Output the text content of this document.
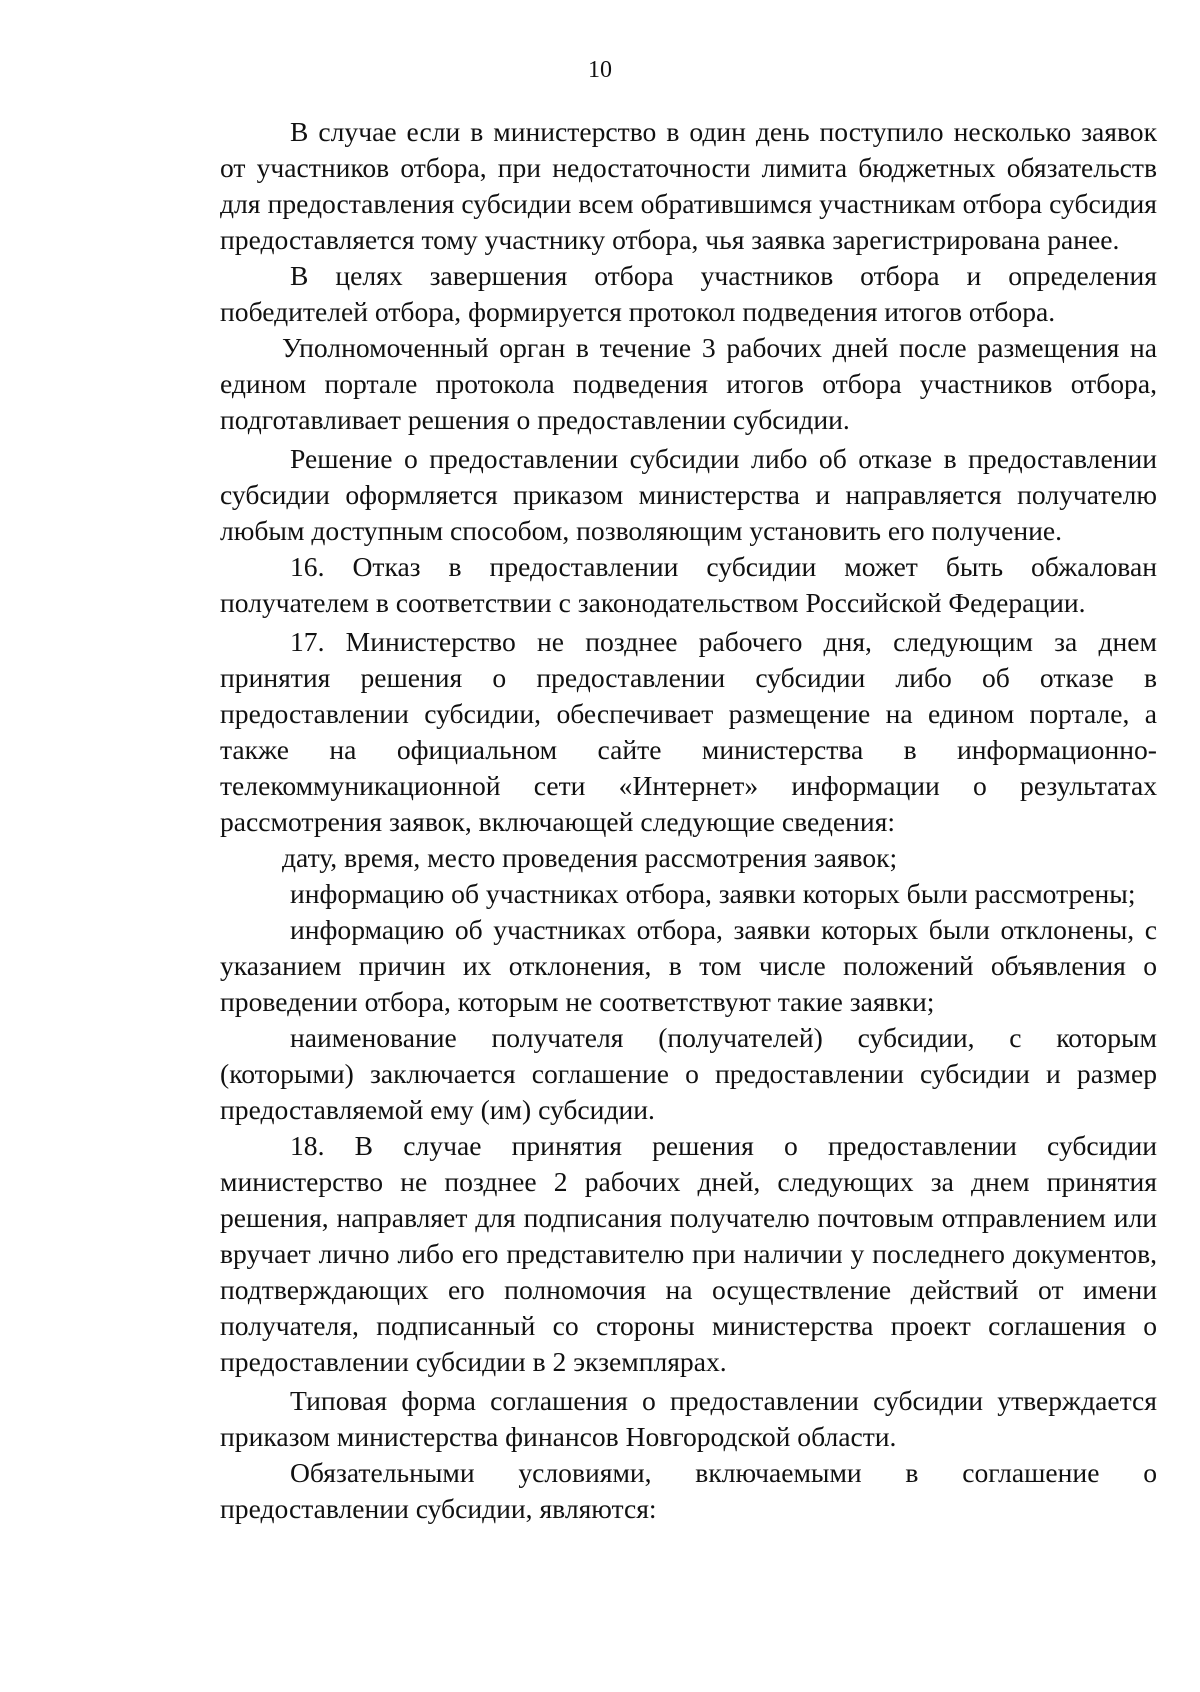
10

В случае если в министерство в один день поступило несколько заявок от участников отбора, при недостаточности лимита бюджетных обязательств для предоставления субсидии всем обратившимся участникам отбора субсидия предоставляется тому участнику отбора, чья заявка зарегистрирована ранее.

В целях завершения отбора участников отбора и определения победителей отбора, формируется протокол подведения итогов отбора.

Уполномоченный орган в течение 3 рабочих дней после размещения на едином портале протокола подведения итогов отбора участников отбора, подготавливает решения о предоставлении субсидии.

Решение о предоставлении субсидии либо об отказе в предоставлении субсидии оформляется приказом министерства и направляется получателю любым доступным способом, позволяющим установить его получение.

16. Отказ в предоставлении субсидии может быть обжалован получателем в соответствии с законодательством Российской Федерации.

17. Министерство не позднее рабочего дня, следующим за днем принятия решения о предоставлении субсидии либо об отказе в предоставлении субсидии, обеспечивает размещение на едином портале, а также на официальном сайте министерства в информационно-телекоммуникационной сети «Интернет» информации о результатах рассмотрения заявок, включающей следующие сведения:

дату, время, место проведения рассмотрения заявок;

информацию об участниках отбора, заявки которых были рассмотрены;

информацию об участниках отбора, заявки которых были отклонены, с указанием причин их отклонения, в том числе положений объявления о проведении отбора, которым не соответствуют такие заявки;

наименование получателя (получателей) субсидии, с которым (которыми) заключается соглашение о предоставлении субсидии и размер предоставляемой ему (им) субсидии.

18. В случае принятия решения о предоставлении субсидии министерство не позднее 2 рабочих дней, следующих за днем принятия решения, направляет для подписания получателю почтовым отправлением или вручает лично либо его представителю при наличии у последнего документов, подтверждающих его полномочия на осуществление действий от имени получателя, подписанный со стороны министерства проект соглашения о предоставлении субсидии в 2 экземплярах.

Типовая форма соглашения о предоставлении субсидии утверждается приказом министерства финансов Новгородской области.

Обязательными условиями, включаемыми в соглашение о предоставлении субсидии, являются:
